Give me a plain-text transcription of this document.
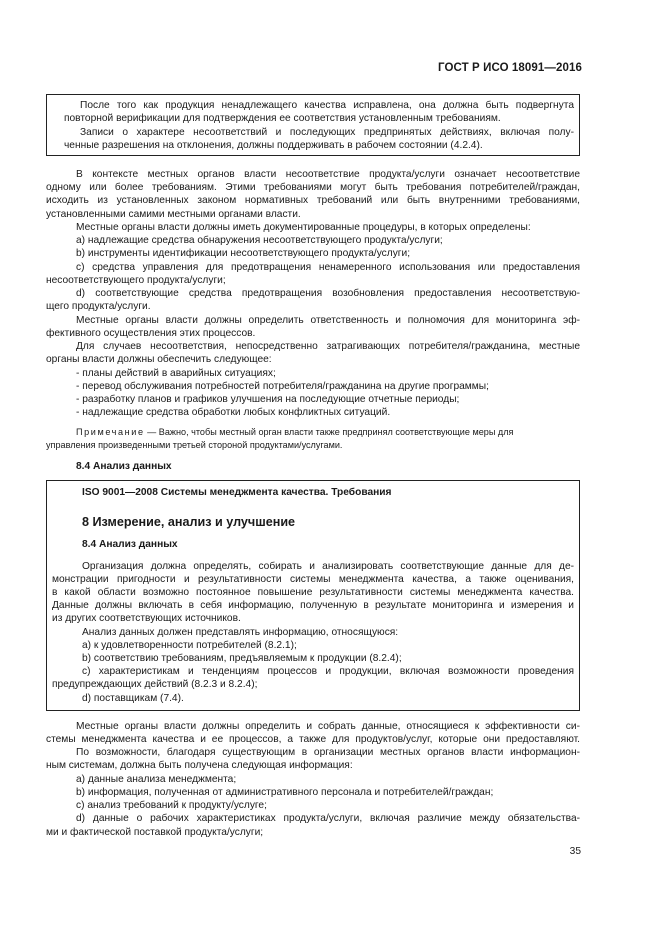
ГОСТ Р ИСО 18091—2016
После того как продукция ненадлежащего качества исправлена, она должна быть подвергнута
повторной верификации для подтверждения ее соответствия установленным требованиям.
Записи о характере несоответствий и последующих предпринятых действиях, включая полу-
ченные разрешения на отклонения, должны поддерживать в рабочем состоянии (4.2.4).
В контексте местных органов власти несоответствие продукта/услуги означает несоответствие
одному или более требованиям. Этими требованиями могут быть требования потребителей/граждан,
исходить из установленных законом нормативных требований или быть внутренними требованиями,
установленными самими местными органами власти.
Местные органы власти должны иметь документированные процедуры, в которых определены:
a) надлежащие средства обнаружения несоответствующего продукта/услуги;
b) инструменты идентификации несоответствующего продукта/услуги;
c) средства управления для предотвращения ненамеренного использования или предоставления
несоответствующего продукта/услуги;
d) соответствующие средства предотвращения возобновления предоставления несоответствую-
щего продукта/услуги.
Местные органы власти должны определить ответственность и полномочия для мониторинга эф-
фективного осуществления этих процессов.
Для случаев несоответствия, непосредственно затрагивающих потребителя/гражданина, местные
органы власти должны обеспечить следующее:
- планы действий в аварийных ситуациях;
- перевод обслуживания потребностей потребителя/гражданина на другие программы;
- разработку планов и графиков улучшения на последующие отчетные периоды;
- надлежащие средства обработки любых конфликтных ситуаций.
Примечание — Важно, чтобы местный орган власти также предпринял соответствующие меры для
управления произведенными третьей стороной продуктами/услугами.
8.4 Анализ данных
ISO 9001—2008 Системы менеджмента качества. Требования
8 Измерение, анализ и улучшение
8.4 Анализ данных
Организация должна определять, собирать и анализировать соответствующие данные для де-
монстрации пригодности и результативности системы менеджмента качества, а также оценивания,
в какой области возможно постоянное повышение результативности системы менеджмента качества.
Данные должны включать в себя информацию, полученную в результате мониторинга и измерения и
из других соответствующих источников.
Анализ данных должен представлять информацию, относящуюся:
a) к удовлетворенности потребителей (8.2.1);
b) соответствию требованиям, предъявляемым к продукции (8.2.4);
c) характеристикам и тенденциям процессов и продукции, включая возможности проведения
предупреждающих действий (8.2.3 и 8.2.4);
d) поставщикам (7.4).
Местные органы власти должны определить и собрать данные, относящиеся к эффективности си-
стемы менеджмента качества и ее процессов, а также для продуктов/услуг, которые они предоставляют.
По возможности, благодаря существующим в организации местных органов власти информацион-
ным системам, должна быть получена следующая информация:
a) данные анализа менеджмента;
b) информация, полученная от административного персонала и потребителей/граждан;
c) анализ требований к продукту/услуге;
d) данные о рабочих характеристиках продукта/услуги, включая различие между обязательства-
ми и фактической поставкой продукта/услуги;
35
